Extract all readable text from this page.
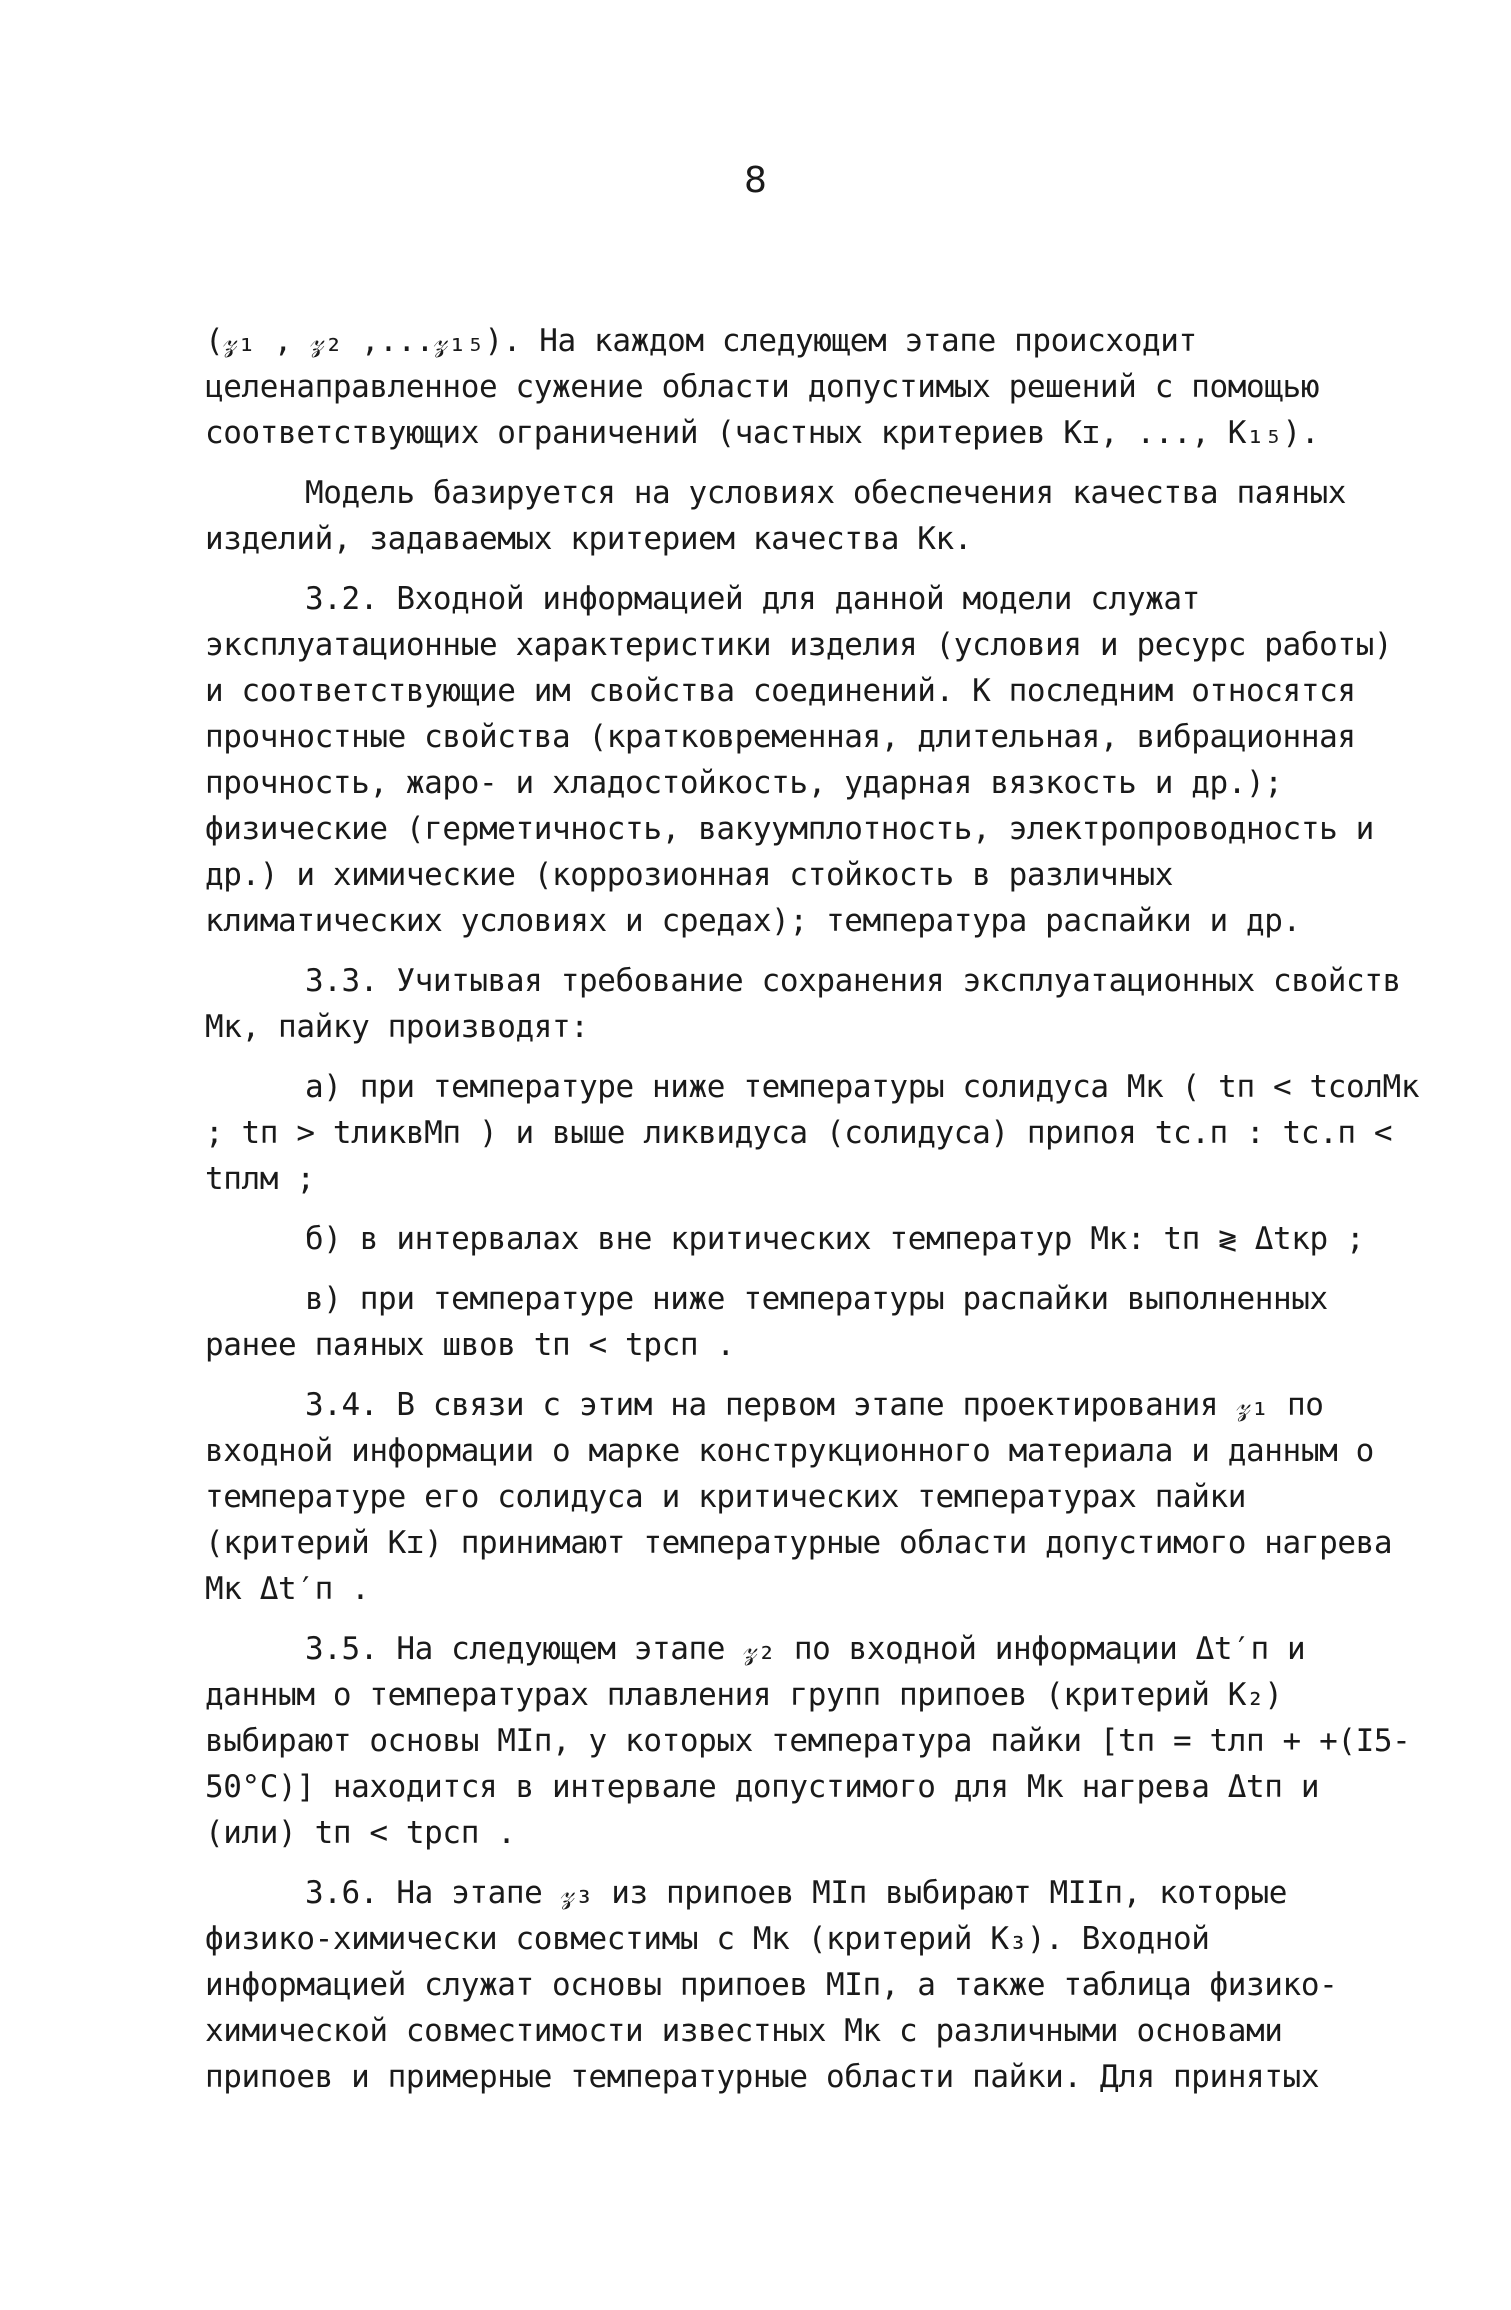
8

(𝓏₁ , 𝓏₂ ,...𝓏₁₅). На каждом следующем этапе происходит целенаправленное сужение области допустимых решений с помощью соответствующих ограничений (частных критериев Kɪ, ..., K₁₅).

Модель базируется на условиях обеспечения качества паяных изделий, задаваемых критерием качества Kк.

3.2. Входной информацией для данной модели служат эксплуатационные характеристики изделия (условия и ресурс работы) и соответствующие им свойства соединений. К последним относятся прочностные свойства (кратковременная, длительная, вибрационная прочность, жаро- и хладостойкость, ударная вязкость и др.); физические (герметичность, вакуумплотность, электропроводность и др.) и химические (коррозионная стойкость в различных климатических условиях и средах); температура распайки и др.

3.3. Учитывая требование сохранения эксплуатационных свойств Mк, пайку производят:

а) при температуре ниже температуры солидуса Mк ( tп < tсолMк ; tп > tликвMп ) и выше ликвидуса (солидуса) припоя tс.п : tс.п < tплм ;

б) в интервалах вне критических температур Mк: tп ≷ Δtкр ;

в) при температуре ниже температуры распайки выполненных ранее паяных швов tп < tрсп .

3.4. В связи с этим на первом этапе проектирования 𝓏₁ по входной информации о марке конструкционного материала и данным о температуре его солидуса и критических температурах пайки (критерий Kɪ) принимают температурные области допустимого нагрева Mк Δt′п .

3.5. На следующем этапе 𝓏₂ по входной информации Δt′п и данным о температурах плавления групп припоев (критерий K₂) выбирают основы MIп, у которых температура пайки [tп = tлп + +(I5-50°C)] находится в интервале допустимого для Mк нагрева Δtп и (или) tп < tрсп .

3.6. На этапе 𝓏₃ из припоев MIп выбирают MIIп, которые физико-химически совместимы с Mк (критерий K₃). Входной информацией служат основы припоев MIп, а также таблица физико-химической совместимости известных Mк с различными основами припоев и примерные температурные области пайки. Для принятых
